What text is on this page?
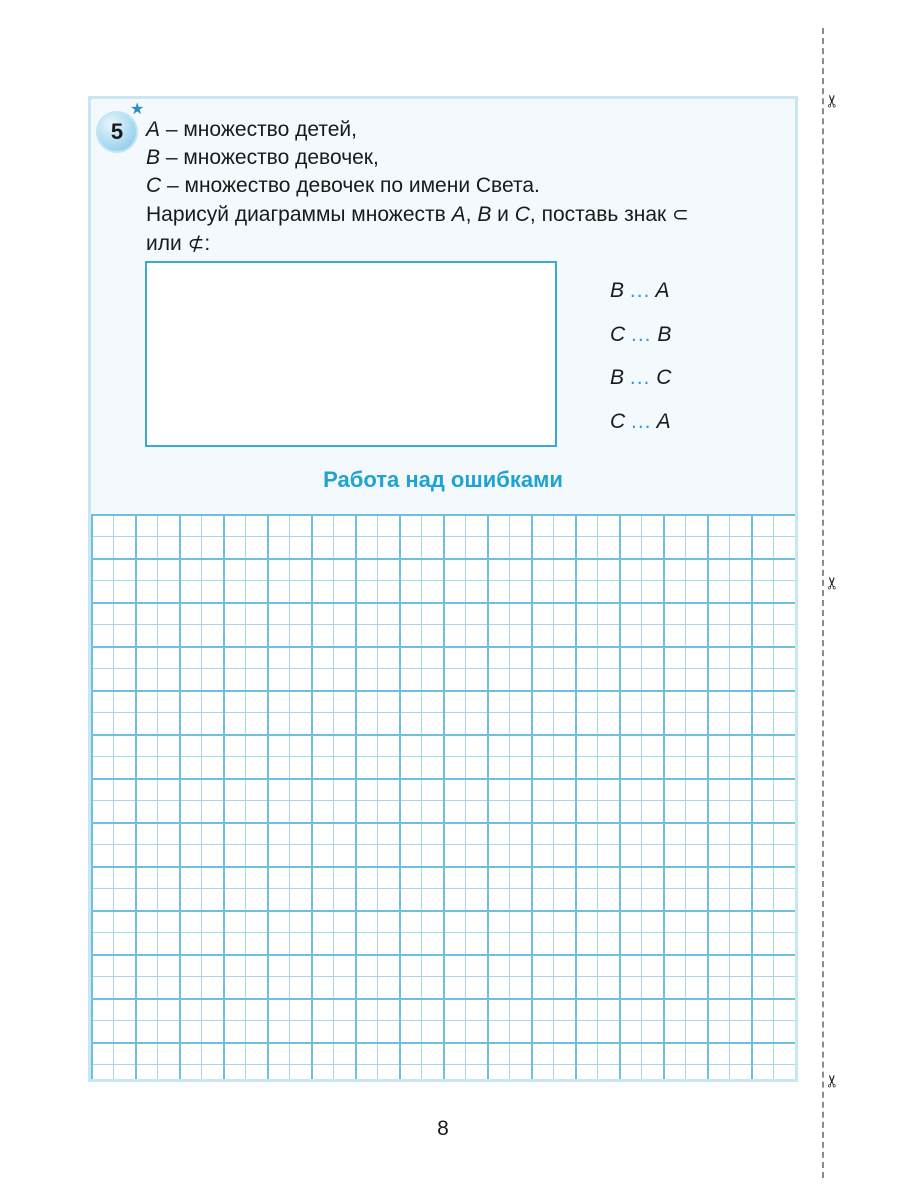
✂
✂
✂
5
★
A – множество детей,
B – множество девочек,
C – множество девочек по имени Света.
Нарисуй диаграммы множеств A, B и C, поставь знак ⊂
или ⊄:
B ... A
C ... B
B ... C
C ... A
Работа над ошибками
8
